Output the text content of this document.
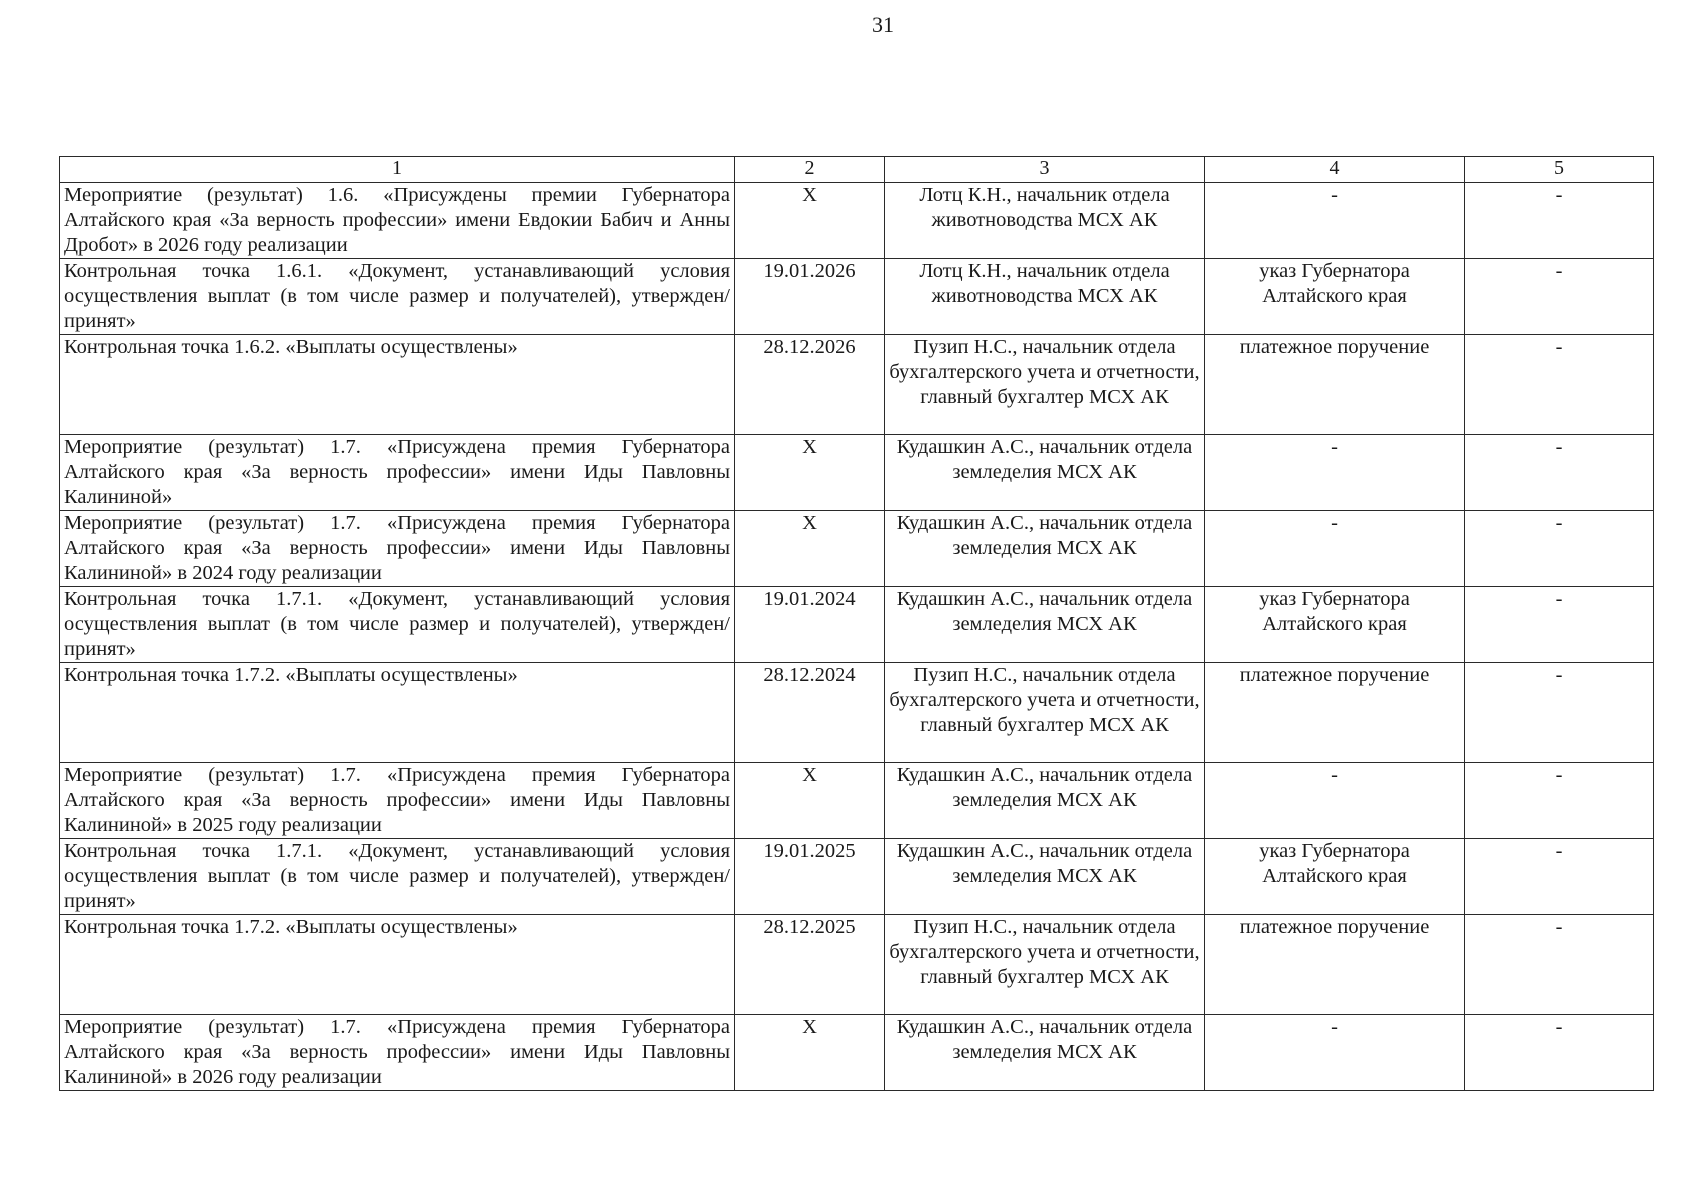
31
1	2	3	4	5
Мероприятие (результат) 1.6. «Присуждены премии Губернатора Алтайского края «За верность профессии» имени Евдокии Бабич и Анны Дробот» в 2026 году реализации	X	Лотц К.Н., начальник отдела животноводства МСХ АК	-	-
Контрольная точка 1.6.1. «Документ, устанавливающий условия осуществления выплат (в том числе размер и получателей), утвержден/принят»	19.01.2026	Лотц К.Н., начальник отдела животноводства МСХ АК	указ Губернатора Алтайского края	-
Контрольная точка 1.6.2. «Выплаты осуществлены»	28.12.2026	Пузип Н.С., начальник отдела бухгалтерского учета и отчетности, главный бухгалтер МСХ АК	платежное поручение	-
Мероприятие (результат) 1.7. «Присуждена премия Губернатора Алтайского края «За верность профессии» имени Иды Павловны Калининой»	X	Кудашкин А.С., начальник отдела земледелия МСХ АК	-	-
Мероприятие (результат) 1.7. «Присуждена премия Губернатора Алтайского края «За верность профессии» имени Иды Павловны Калининой» в 2024 году реализации	X	Кудашкин А.С., начальник отдела земледелия МСХ АК	-	-
Контрольная точка 1.7.1. «Документ, устанавливающий условия осуществления выплат (в том числе размер и получателей), утвержден/принят»	19.01.2024	Кудашкин А.С., начальник отдела земледелия МСХ АК	указ Губернатора Алтайского края	-
Контрольная точка 1.7.2. «Выплаты осуществлены»	28.12.2024	Пузип Н.С., начальник отдела бухгалтерского учета и отчетности, главный бухгалтер МСХ АК	платежное поручение	-
Мероприятие (результат) 1.7. «Присуждена премия Губернатора Алтайского края «За верность профессии» имени Иды Павловны Калининой» в 2025 году реализации	X	Кудашкин А.С., начальник отдела земледелия МСХ АК	-	-
Контрольная точка 1.7.1. «Документ, устанавливающий условия осуществления выплат (в том числе размер и получателей), утвержден/принят»	19.01.2025	Кудашкин А.С., начальник отдела земледелия МСХ АК	указ Губернатора Алтайского края	-
Контрольная точка 1.7.2. «Выплаты осуществлены»	28.12.2025	Пузип Н.С., начальник отдела бухгалтерского учета и отчетности, главный бухгалтер МСХ АК	платежное поручение	-
Мероприятие (результат) 1.7. «Присуждена премия Губернатора Алтайского края «За верность профессии» имени Иды Павловны Калининой» в 2026 году реализации	X	Кудашкин А.С., начальник отдела земледелия МСХ АК	-	-
